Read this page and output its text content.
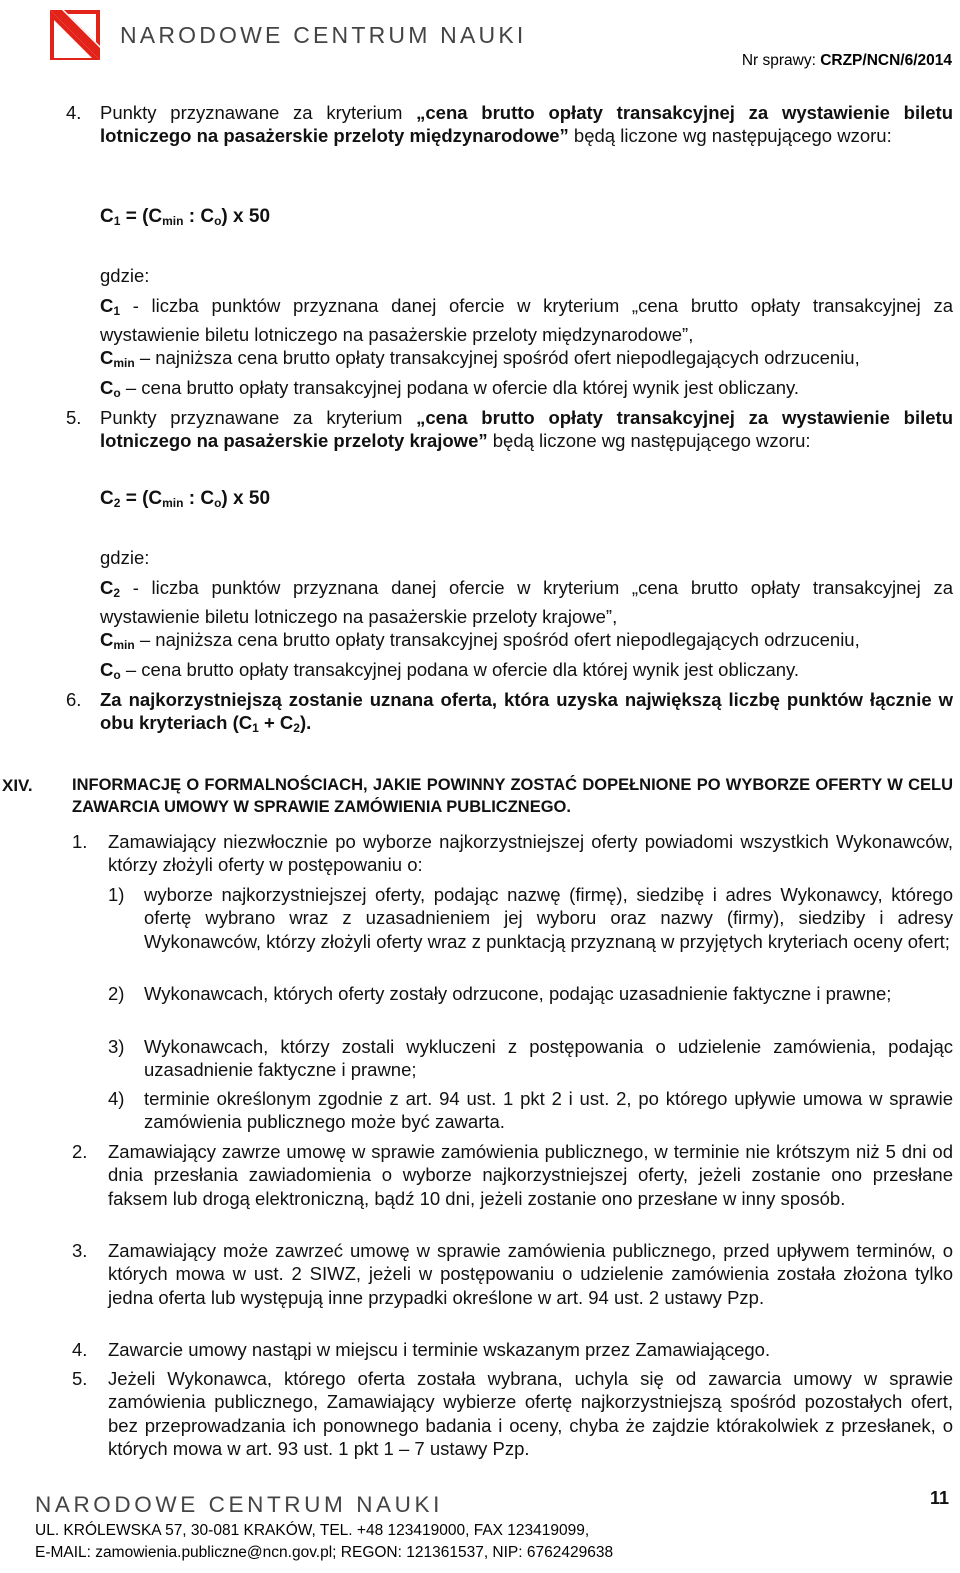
NARODOWE CENTRUM NAUKI
Nr sprawy: CRZP/NCN/6/2014
4. Punkty przyznawane za kryterium „cena brutto opłaty transakcyjnej za wystawienie biletu lotniczego na pasażerskie przeloty międzynarodowe” będą liczone wg następującego wzoru:
$C_1 = (C_{min}$ : $C_o$) x 50
gdzie:
$C_1$ - liczba punktów przyznana danej ofercie w kryterium „cena brutto opłaty transakcyjnej za wystawienie biletu lotniczego na pasażerskie przeloty międzynarodowe”,
$C_{min}$ – najniższa cena brutto opłaty transakcyjnej spośród ofert niepodlegających odrzuceniu,
$C_o$ – cena brutto opłaty transakcyjnej podana w ofercie dla której wynik jest obliczany.
5. Punkty przyznawane za kryterium „cena brutto opłaty transakcyjnej za wystawienie biletu lotniczego na pasażerskie przeloty krajowe” będą liczone wg następującego wzoru:
$C_2 = (C_{min}$ : $C_o$) x 50
gdzie:
$C_2$ - liczba punktów przyznana danej ofercie w kryterium „cena brutto opłaty transakcyjnej za wystawienie biletu lotniczego na pasażerskie przeloty krajowe”,
$C_{min}$ – najniższa cena brutto opłaty transakcyjnej spośród ofert niepodlegających odrzuceniu,
$C_o$ – cena brutto opłaty transakcyjnej podana w ofercie dla której wynik jest obliczany.
6. Za najkorzystniejszą zostanie uznana oferta, która uzyska największą liczbę punktów łącznie w obu kryteriach $(C_1 + C_2)$.
XIV. INFORMACJĘ O FORMALNOŚCIACH, JAKIE POWINNY ZOSTAĆ DOPEŁNIONE PO WYBORZE OFERTY W CELU ZAWARCIA UMOWY W SPRAWIE ZAMÓWIENIA PUBLICZNEGO.
1. Zamawiający niezwłocznie po wyborze najkorzystniejszej oferty powiadomi wszystkich Wykonawców, którzy złożyli oferty w postępowaniu o:
1) wyborze najkorzystniejszej oferty, podając nazwę (firmę), siedzibę i adres Wykonawcy, którego ofertę wybrano wraz z uzasadnieniem jej wyboru oraz nazwy (firmy), siedziby i adresy Wykonawców, którzy złożyli oferty wraz z punktacją przyznaną w przyjętych kryteriach oceny ofert;
2) Wykonawcach, których oferty zostały odrzucone, podając uzasadnienie faktyczne i prawne;
3) Wykonawcach, którzy zostali wykluczeni z postępowania o udzielenie zamówienia, podając uzasadnienie faktyczne i prawne;
4) terminie określonym zgodnie z art. 94 ust. 1 pkt 2 i ust. 2, po którego upływie umowa w sprawie zamówienia publicznego może być zawarta.
2. Zamawiający zawrze umowę w sprawie zamówienia publicznego, w terminie nie krótszym niż 5 dni od dnia przesłania zawiadomienia o wyborze najkorzystniejszej oferty, jeżeli zostanie ono przesłane faksem lub drogą elektroniczną, bądź 10 dni, jeżeli zostanie ono przesłane w inny sposób.
3. Zamawiający może zawrzeć umowę w sprawie zamówienia publicznego, przed upływem terminów, o których mowa w ust. 2 SIWZ, jeżeli w postępowaniu o udzielenie zamówienia została złożona tylko jedna oferta lub występują inne przypadki określone w art. 94 ust. 2 ustawy Pzp.
4. Zawarcie umowy nastąpi w miejscu i terminie wskazanym przez Zamawiającego.
5. Jeżeli Wykonawca, którego oferta została wybrana, uchyla się od zawarcia umowy w sprawie zamówienia publicznego, Zamawiający wybierze ofertę najkorzystniejszą spośród pozostałych ofert, bez przeprowadzania ich ponownego badania i oceny, chyba że zajdzie którakolwiek z przesłanek, o których mowa w art. 93 ust. 1 pkt 1 – 7 ustawy Pzp.
NARODOWE CENTRUM NAUKI	11
UL. KRÓLEWSKA 57, 30-081 KRAKÓW, TEL. +48 123419000, FAX 123419099,
E-MAIL: zamowienia.publiczne@ncn.gov.pl; REGON: 121361537, NIP: 6762429638
